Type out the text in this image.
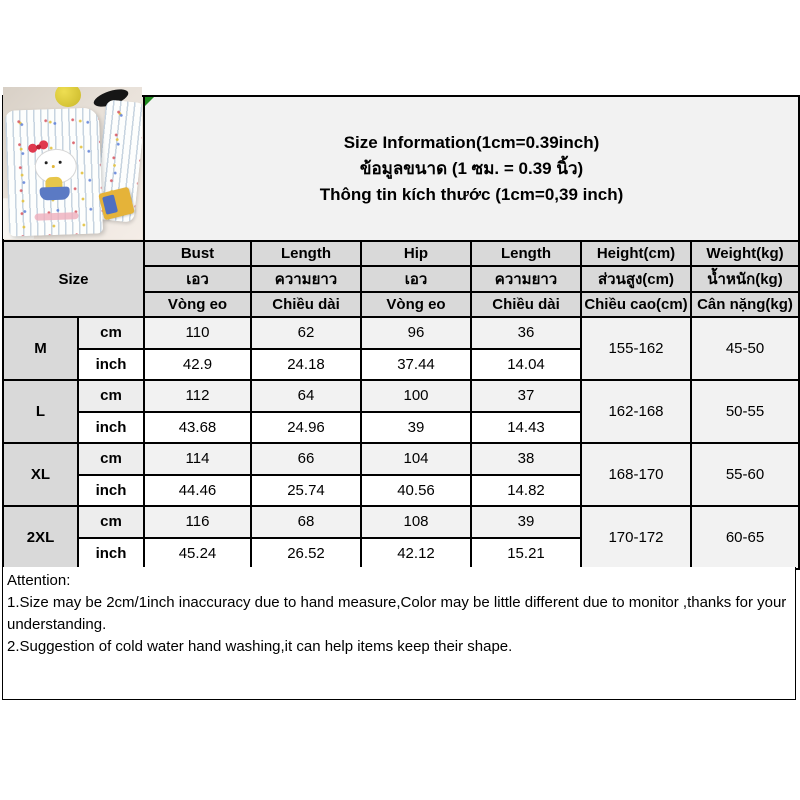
		Size Information(1cm=0.39inch)
ข้อมูลขนาด (1 ซม. = 0.39 นิ้ว)
Thông tin kích thước (1cm=0,39 inch)					

Size		Bust	Length	Hip	Length	Height(cm)	Weight(kg)
		เอว	ความยาว	เอว	ความยาว	ส่วนสูง(cm)	น้ำหนัก(kg)
		Vòng eo	Chiều dài	Vòng eo	Chiều dài	Chiều cao(cm)	Cân nặng(kg)
M	cm	110	62	96	36	155-162	45-50
	inch	42.9	24.18	37.44	14.04		
L	cm	112	64	100	37	162-168	50-55
	inch	43.68	24.96	39	14.43		
XL	cm	114	66	104	38	168-170	55-60
	inch	44.46	25.74	40.56	14.82		
2XL	cm	116	68	108	39	170-172	60-65
	inch	45.24	26.52	42.12	15.21		
Attention:
1.Size may be 2cm/1inch inaccuracy due to hand measure,Color may be little different due to monitor ,thanks for your understanding.
2.Suggestion of cold water hand washing,it can help items keep their shape.
